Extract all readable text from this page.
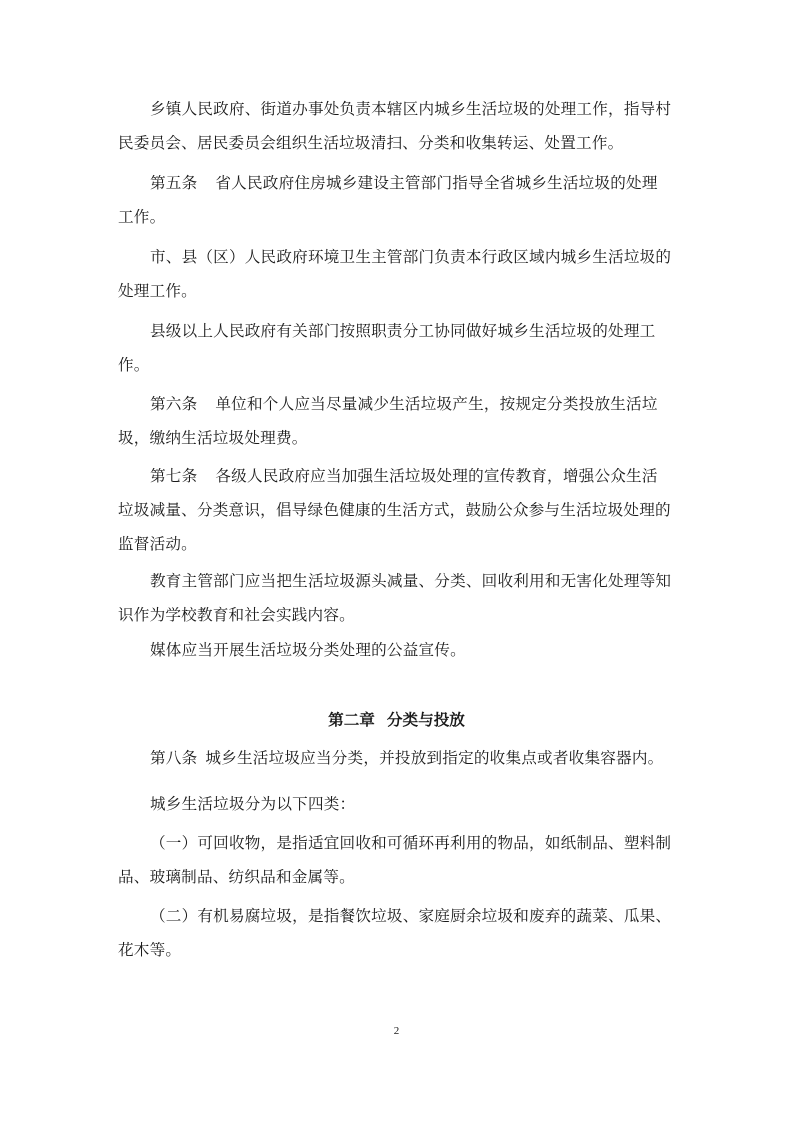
乡镇人民政府、街道办事处负责本辖区内城乡生活垃圾的处理工作，指导村
民委员会、居民委员会组织生活垃圾清扫、分类和收集转运、处置工作。
第五条 省人民政府住房城乡建设主管部门指导全省城乡生活垃圾的处理
工作。
市、县（区）人民政府环境卫生主管部门负责本行政区域内城乡生活垃圾的
处理工作。
县级以上人民政府有关部门按照职责分工协同做好城乡生活垃圾的处理工
作。
第六条 单位和个人应当尽量减少生活垃圾产生，按规定分类投放生活垃
圾，缴纳生活垃圾处理费。
第七条 各级人民政府应当加强生活垃圾处理的宣传教育，增强公众生活
垃圾减量、分类意识，倡导绿色健康的生活方式，鼓励公众参与生活垃圾处理的
监督活动。
教育主管部门应当把生活垃圾源头减量、分类、回收利用和无害化处理等知
识作为学校教育和社会实践内容。
媒体应当开展生活垃圾分类处理的公益宣传。
第二章 分类与投放
第八条 城乡生活垃圾应当分类，并投放到指定的收集点或者收集容器内。
城乡生活垃圾分为以下四类：
（一）可回收物，是指适宜回收和可循环再利用的物品，如纸制品、塑料制
品、玻璃制品、纺织品和金属等。
（二）有机易腐垃圾，是指餐饮垃圾、家庭厨余垃圾和废弃的蔬菜、瓜果、
花木等。
2
